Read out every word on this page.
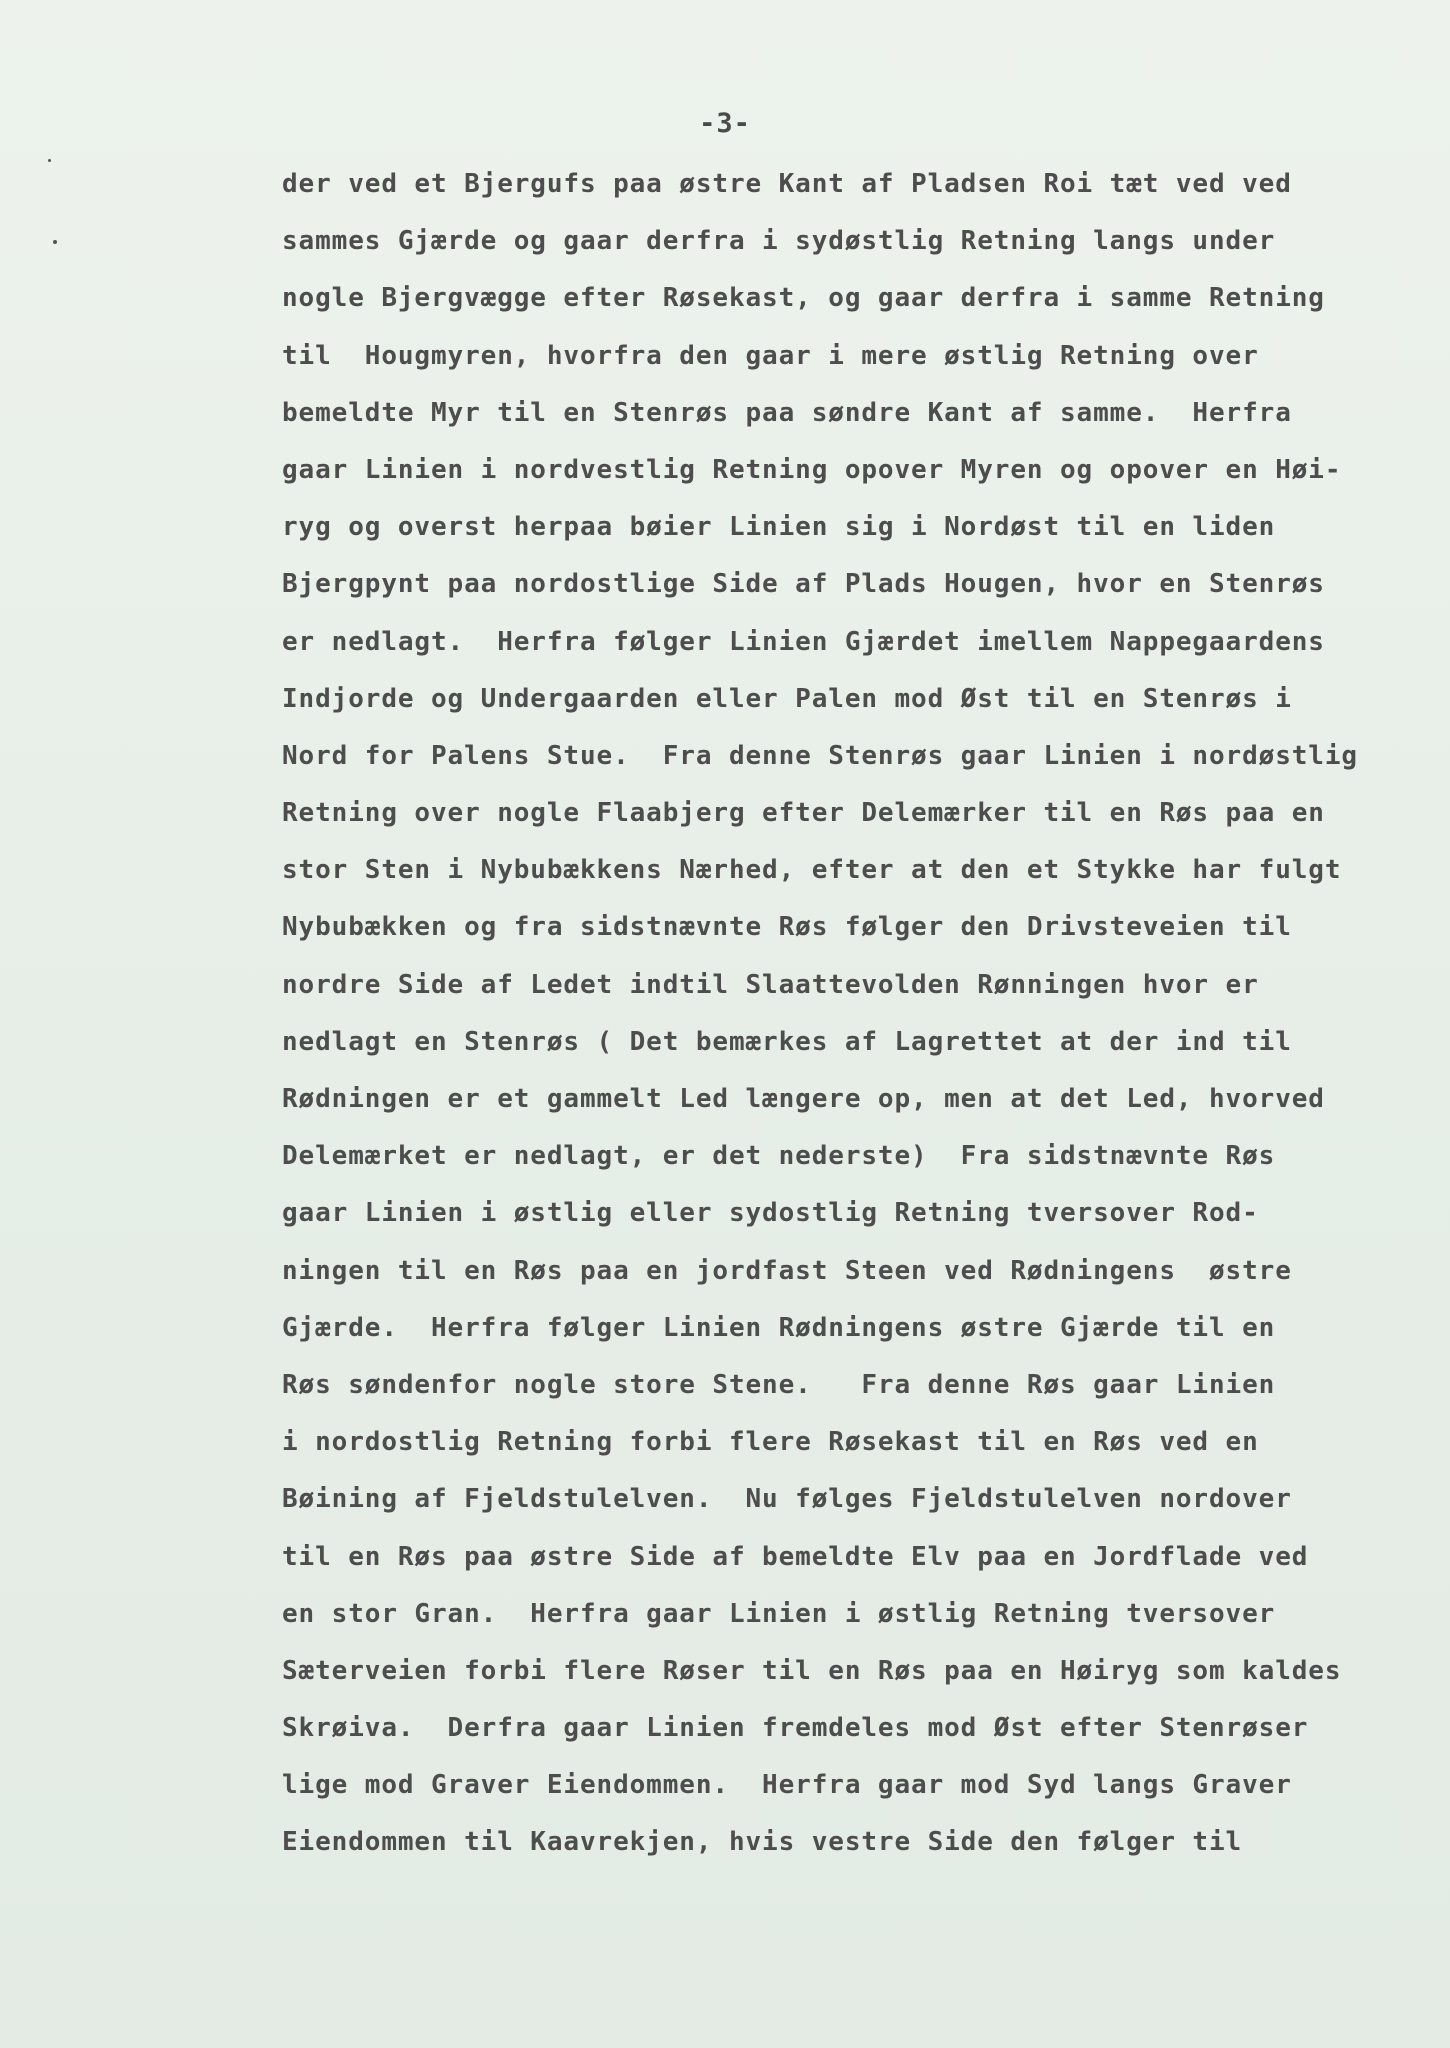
-3-
der ved et Bjergufs paa østre Kant af Pladsen Roi tæt ved ved
sammes Gjærde og gaar derfra i sydøstlig Retning langs under
nogle Bjergvægge efter Røsekast, og gaar derfra i samme Retning
til  Hougmyren, hvorfra den gaar i mere østlig Retning over
bemeldte Myr til en Stenrøs paa søndre Kant af samme.  Herfra
gaar Linien i nordvestlig Retning opover Myren og opover en Høi-
ryg og overst herpaa bøier Linien sig i Nordøst til en liden
Bjergpynt paa nordostlige Side af Plads Hougen, hvor en Stenrøs
er nedlagt.  Herfra følger Linien Gjærdet imellem Nappegaardens
Indjorde og Undergaarden eller Palen mod Øst til en Stenrøs i
Nord for Palens Stue.  Fra denne Stenrøs gaar Linien i nordøstlig
Retning over nogle Flaabjerg efter Delemærker til en Røs paa en
stor Sten i Nybubækkens Nærhed, efter at den et Stykke har fulgt
Nybubækken og fra sidstnævnte Røs følger den Drivsteveien til
nordre Side af Ledet indtil Slaattevolden Rønningen hvor er
nedlagt en Stenrøs ( Det bemærkes af Lagrettet at der ind til
Rødningen er et gammelt Led længere op, men at det Led, hvorved
Delemærket er nedlagt, er det nederste)  Fra sidstnævnte Røs
gaar Linien i østlig eller sydostlig Retning tversover Rod-
ningen til en Røs paa en jordfast Steen ved Rødningens  østre
Gjærde.  Herfra følger Linien Rødningens østre Gjærde til en
Røs søndenfor nogle store Stene.   Fra denne Røs gaar Linien
i nordostlig Retning forbi flere Røsekast til en Røs ved en
Bøining af Fjeldstulelven.  Nu følges Fjeldstulelven nordover
til en Røs paa østre Side af bemeldte Elv paa en Jordflade ved
en stor Gran.  Herfra gaar Linien i østlig Retning tversover
Sæterveien forbi flere Røser til en Røs paa en Høiryg som kaldes
Skrøiva.  Derfra gaar Linien fremdeles mod Øst efter Stenrøser
lige mod Graver Eiendommen.  Herfra gaar mod Syd langs Graver
Eiendommen til Kaavrekjen, hvis vestre Side den følger til
